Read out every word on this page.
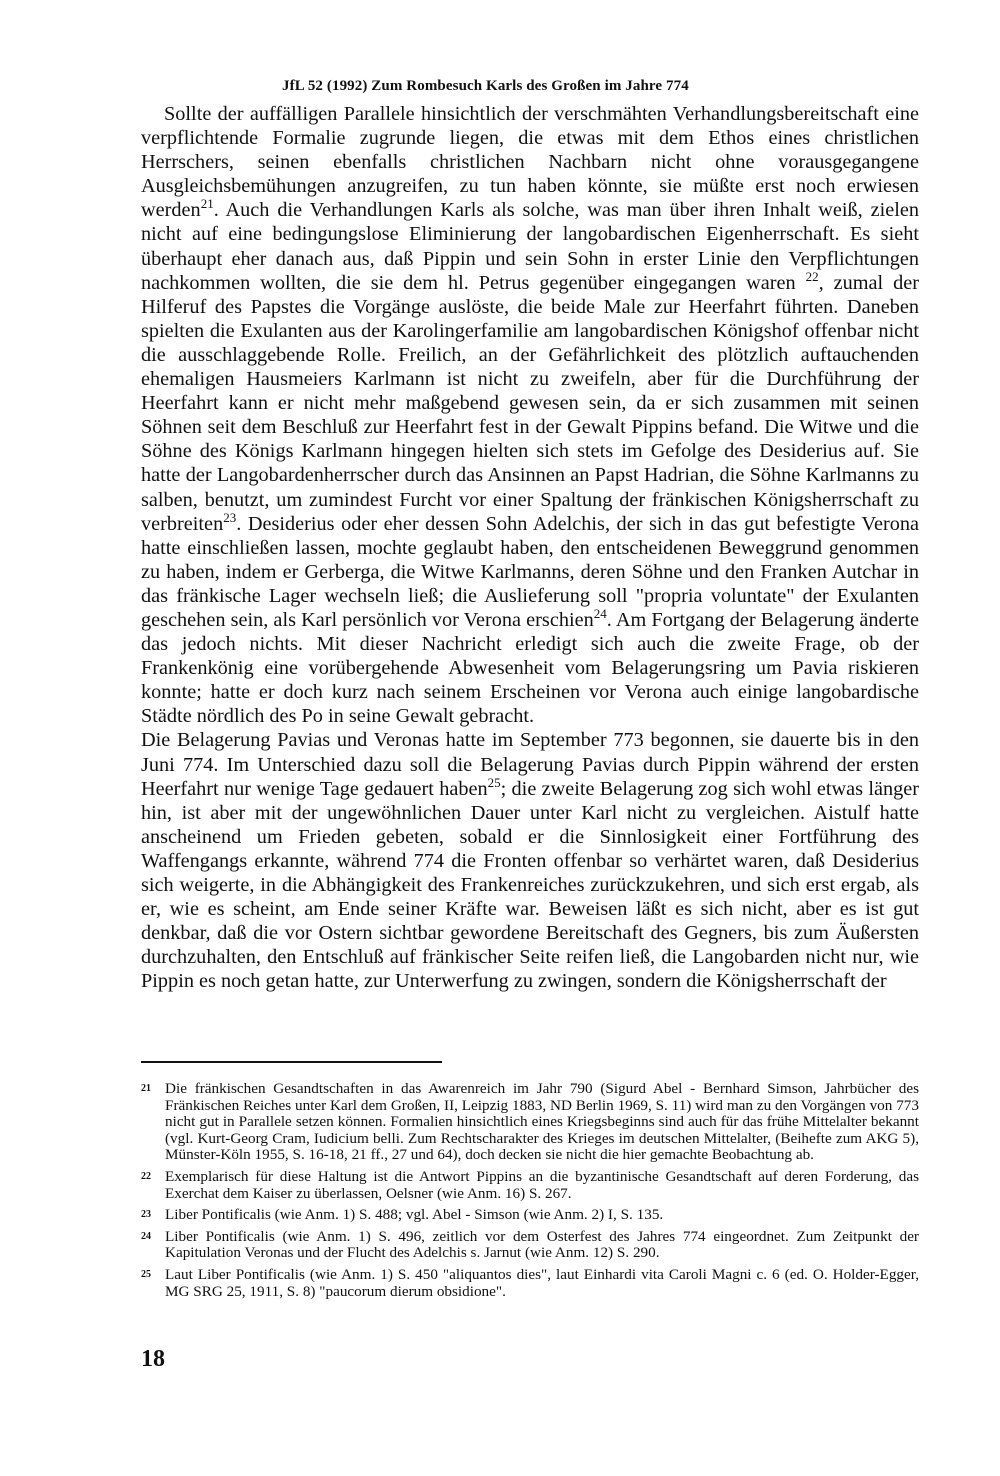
JfL 52 (1992) Zum Rombesuch Karls des Großen im Jahre 774

Sollte der auffälligen Parallele hinsichtlich der verschmähten Verhandlungsbereitschaft eine verpflichtende Formalie zugrunde liegen, die etwas mit dem Ethos eines christlichen Herrschers, seinen ebenfalls christlichen Nachbarn nicht ohne vorausgegangene Ausgleichsbemühungen anzugreifen, zu tun haben könnte, sie müßte erst noch erwiesen werden$^{21}$. Auch die Verhandlungen Karls als solche, was man über ihren Inhalt weiß, zielen nicht auf eine bedingungslose Eliminierung der langobardischen Eigenherrschaft. Es sieht überhaupt eher danach aus, daß Pippin und sein Sohn in erster Linie den Verpflichtungen nachkommen wollten, die sie dem hl. Petrus gegenüber eingegangen waren $^{22}$, zumal der Hilferuf des Papstes die Vorgänge auslöste, die beide Male zur Heerfahrt führten. Daneben spielten die Exulanten aus der Karolingerfamilie am langobardischen Königshof offenbar nicht die ausschlaggebende Rolle. Freilich, an der Gefährlichkeit des plötzlich auftauchenden ehemaligen Hausmeiers Karlmann ist nicht zu zweifeln, aber für die Durchführung der Heerfahrt kann er nicht mehr maßgebend gewesen sein, da er sich zusammen mit seinen Söhnen seit dem Beschluß zur Heerfahrt fest in der Gewalt Pippins befand. Die Witwe und die Söhne des Königs Karlmann hingegen hielten sich stets im Gefolge des Desiderius auf. Sie hatte der Langobardenherrscher durch das Ansinnen an Papst Hadrian, die Söhne Karlmanns zu salben, benutzt, um zumindest Furcht vor einer Spaltung der fränkischen Königsherrschaft zu verbreiten$^{23}$. Desiderius oder eher dessen Sohn Adelchis, der sich in das gut befestigte Verona hatte einschließen lassen, mochte geglaubt haben, den entscheidenen Beweggrund genommen zu haben, indem er Gerberga, die Witwe Karlmanns, deren Söhne und den Franken Autchar in das fränkische Lager wechseln ließ; die Auslieferung soll "propria voluntate" der Exulanten geschehen sein, als Karl persönlich vor Verona erschien$^{24}$. Am Fortgang der Belagerung änderte das jedoch nichts. Mit dieser Nachricht erledigt sich auch die zweite Frage, ob der Frankenkönig eine vorübergehende Abwesenheit vom Belagerungsring um Pavia riskieren konnte; hatte er doch kurz nach seinem Erscheinen vor Verona auch einige langobardische Städte nördlich des Po in seine Gewalt gebracht.

Die Belagerung Pavias und Veronas hatte im September 773 begonnen, sie dauerte bis in den Juni 774. Im Unterschied dazu soll die Belagerung Pavias durch Pippin während der ersten Heerfahrt nur wenige Tage gedauert haben$^{25}$; die zweite Belagerung zog sich wohl etwas länger hin, ist aber mit der ungewöhnlichen Dauer unter Karl nicht zu vergleichen. Aistulf hatte anscheinend um Frieden gebeten, sobald er die Sinnlosigkeit einer Fortführung des Waffengangs erkannte, während 774 die Fronten offenbar so verhärtet waren, daß Desiderius sich weigerte, in die Abhängigkeit des Frankenreiches zurückzukehren, und sich erst ergab, als er, wie es scheint, am Ende seiner Kräfte war. Beweisen läßt es sich nicht, aber es ist gut denkbar, daß die vor Ostern sichtbar gewordene Bereitschaft des Gegners, bis zum Äußersten durchzuhalten, den Entschluß auf fränkischer Seite reifen ließ, die Langobarden nicht nur, wie Pippin es noch getan hatte, zur Unterwerfung zu zwingen, sondern die Königsherrschaft der

21 Die fränkischen Gesandtschaften in das Awarenreich im Jahr 790 (Sigurd Abel - Bernhard Simson, Jahrbücher des Fränkischen Reiches unter Karl dem Großen, II, Leipzig 1883, ND Berlin 1969, S. 11) wird man zu den Vorgängen von 773 nicht gut in Parallele setzen können. Formalien hinsichtlich eines Kriegsbeginns sind auch für das frühe Mittelalter bekannt (vgl. Kurt-Georg Cram, Iudicium belli. Zum Rechtscharakter des Krieges im deutschen Mittelalter, (Beihefte zum AKG 5), Münster-Köln 1955, S. 16-18, 21 ff., 27 und 64), doch decken sie nicht die hier gemachte Beobachtung ab.
22 Exemplarisch für diese Haltung ist die Antwort Pippins an die byzantinische Gesandtschaft auf deren Forderung, das Exerchat dem Kaiser zu überlassen, Oelsner (wie Anm. 16) S. 267.
23 Liber Pontificalis (wie Anm. 1) S. 488; vgl. Abel - Simson (wie Anm. 2) I, S. 135.
24 Liber Pontificalis (wie Anm. 1) S. 496, zeitlich vor dem Osterfest des Jahres 774 eingeordnet. Zum Zeitpunkt der Kapitulation Veronas und der Flucht des Adelchis s. Jarnut (wie Anm. 12) S. 290.
25 Laut Liber Pontificalis (wie Anm. 1) S. 450 "aliquantos dies", laut Einhardi vita Caroli Magni c. 6 (ed. O. Holder-Egger, MG SRG 25, 1911, S. 8) "paucorum dierum obsidione".
18
